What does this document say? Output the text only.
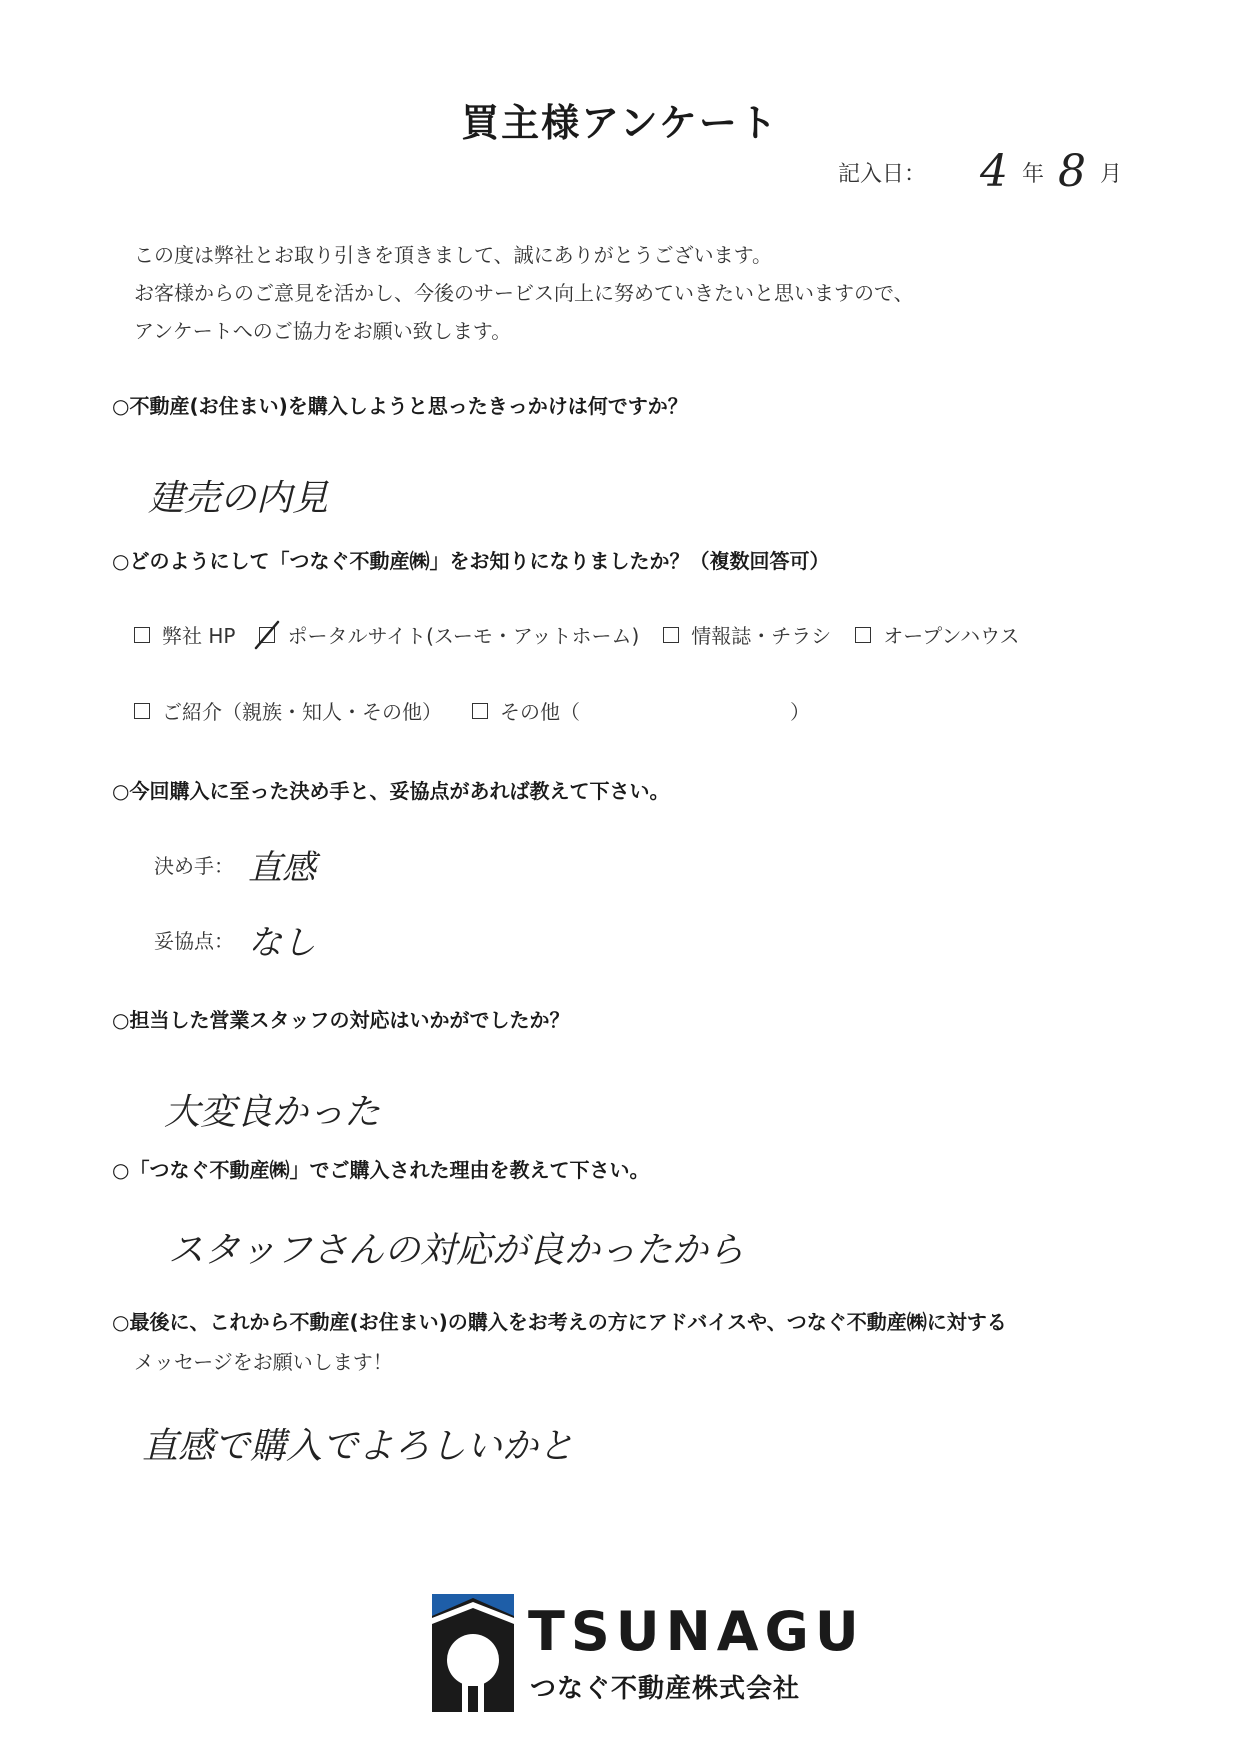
買主様アンケート
記入日： 4 年 8 月
この度は弊社とお取り引きを頂きまして、誠にありがとうございます。
お客様からのご意見を活かし、今後のサービス向上に努めていきたいと思いますので、
アンケートへのご協力をお願い致します。
○不動産(お住まい)を購入しようと思ったきっかけは何ですか？
建売の内見
○どのようにして「つなぐ不動産㈱」をお知りになりましたか？（複数回答可）
弊社 HP	ポータルサイト(スーモ・アットホーム)	情報誌・チラシ	オープンハウス
ご紹介（親族・知人・その他）	その他（	）
○今回購入に至った決め手と、妥協点があれば教えて下さい。
決め手： 直感
妥協点： なし
○担当した営業スタッフの対応はいかがでしたか？
大変良かった
○「つなぐ不動産㈱」でご購入された理由を教えて下さい。
スタッフさんの対応が良かったから
○最後に、これから不動産(お住まい)の購入をお考えの方にアドバイスや、つなぐ不動産㈱に対する
メッセージをお願いします！
直感で購入でよろしいかと
TSUNAGU
つなぐ不動産株式会社
